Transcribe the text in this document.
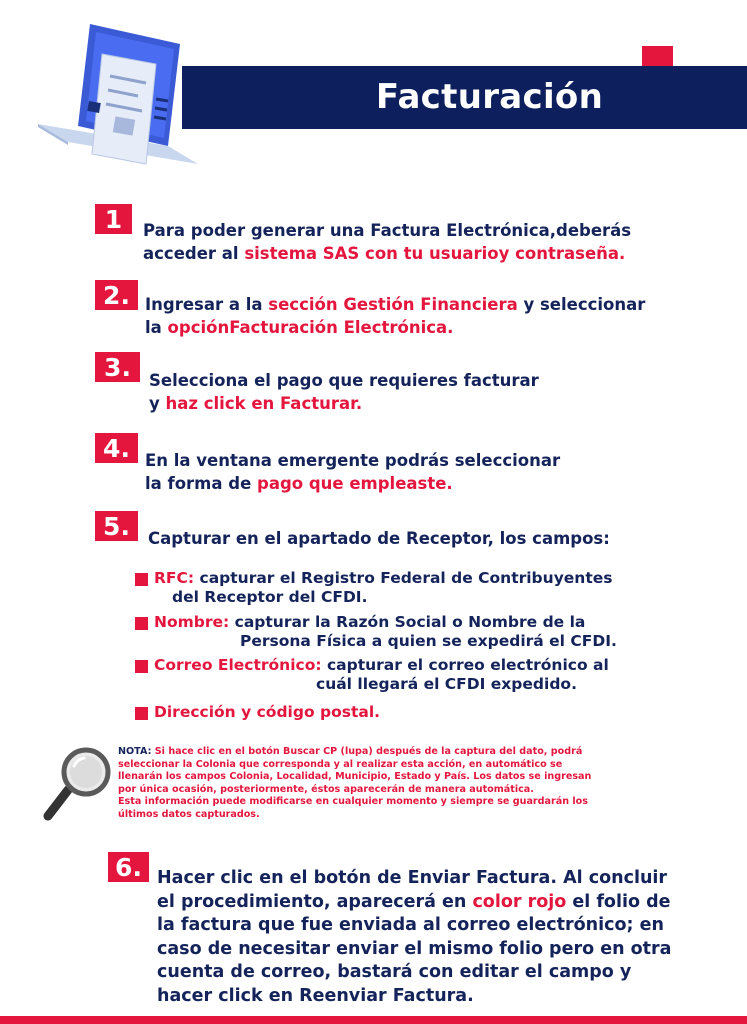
Facturación
1	Para poder generar una Factura Electrónica,deberás
acceder al sistema SAS con tu usuarioy contraseña.
2. Ingresar a la sección Gestión Financiera y seleccionar
la opciónFacturación Electrónica.
3.	Selecciona el pago que requieres facturar
y haz click en Facturar.
4. En la ventana emergente podrás seleccionar
la forma de pago que empleaste.
5.	Capturar en el apartado de Receptor, los campos:
RFC: capturar el Registro Federal de Contribuyentes
del Receptor del CFDI.
Nombre: capturar la Razón Social o Nombre de la
Persona Física a quien se expedirá el CFDI.
Correo Electrónico: capturar el correo electrónico al
cuál llegará el CFDI expedido.
Dirección y código postal.
NOTA: Si hace clic en el botón Buscar CP (lupa) después de la captura del dato, podrá
seleccionar la Colonia que corresponda y al realizar esta acción, en automático se
llenarán los campos Colonia, Localidad, Municipio, Estado y País. Los datos se ingresan
por única ocasión, posteriormente, éstos aparecerán de manera automática.
Esta información puede modificarse en cualquier momento y siempre se guardarán los
últimos datos capturados.
6. Hacer clic en el botón de Enviar Factura. Al concluir
el procedimiento, aparecerá en color rojo el folio de
la factura que fue enviada al correo electrónico; en
caso de necesitar enviar el mismo folio pero en otra
cuenta de correo, bastará con editar el campo y
hacer click en Reenviar Factura.
